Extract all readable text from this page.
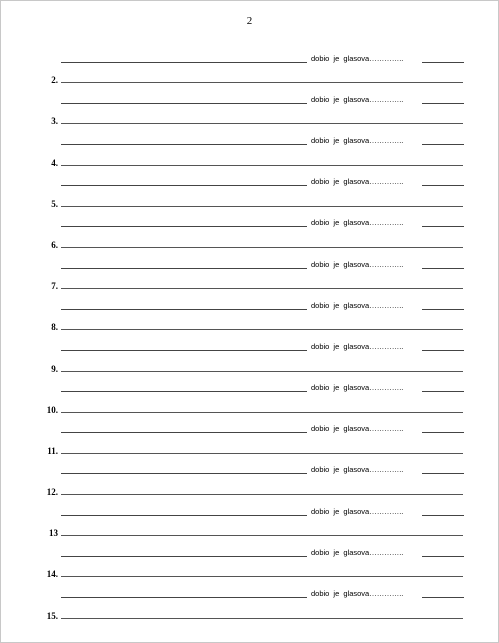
2
dobio je glasova…………..
2.
dobio je glasova…………..
3.
dobio je glasova…………..
4.
dobio je glasova…………..
5.
dobio je glasova…………..
6.
dobio je glasova…………..
7.
dobio je glasova…………..
8.
dobio je glasova…………..
9.
dobio je glasova…………..
10.
dobio je glasova…………..
11.
dobio je glasova…………..
12.
dobio je glasova…………..
13
dobio je glasova…………..
14.
dobio je glasova…………..
15.
